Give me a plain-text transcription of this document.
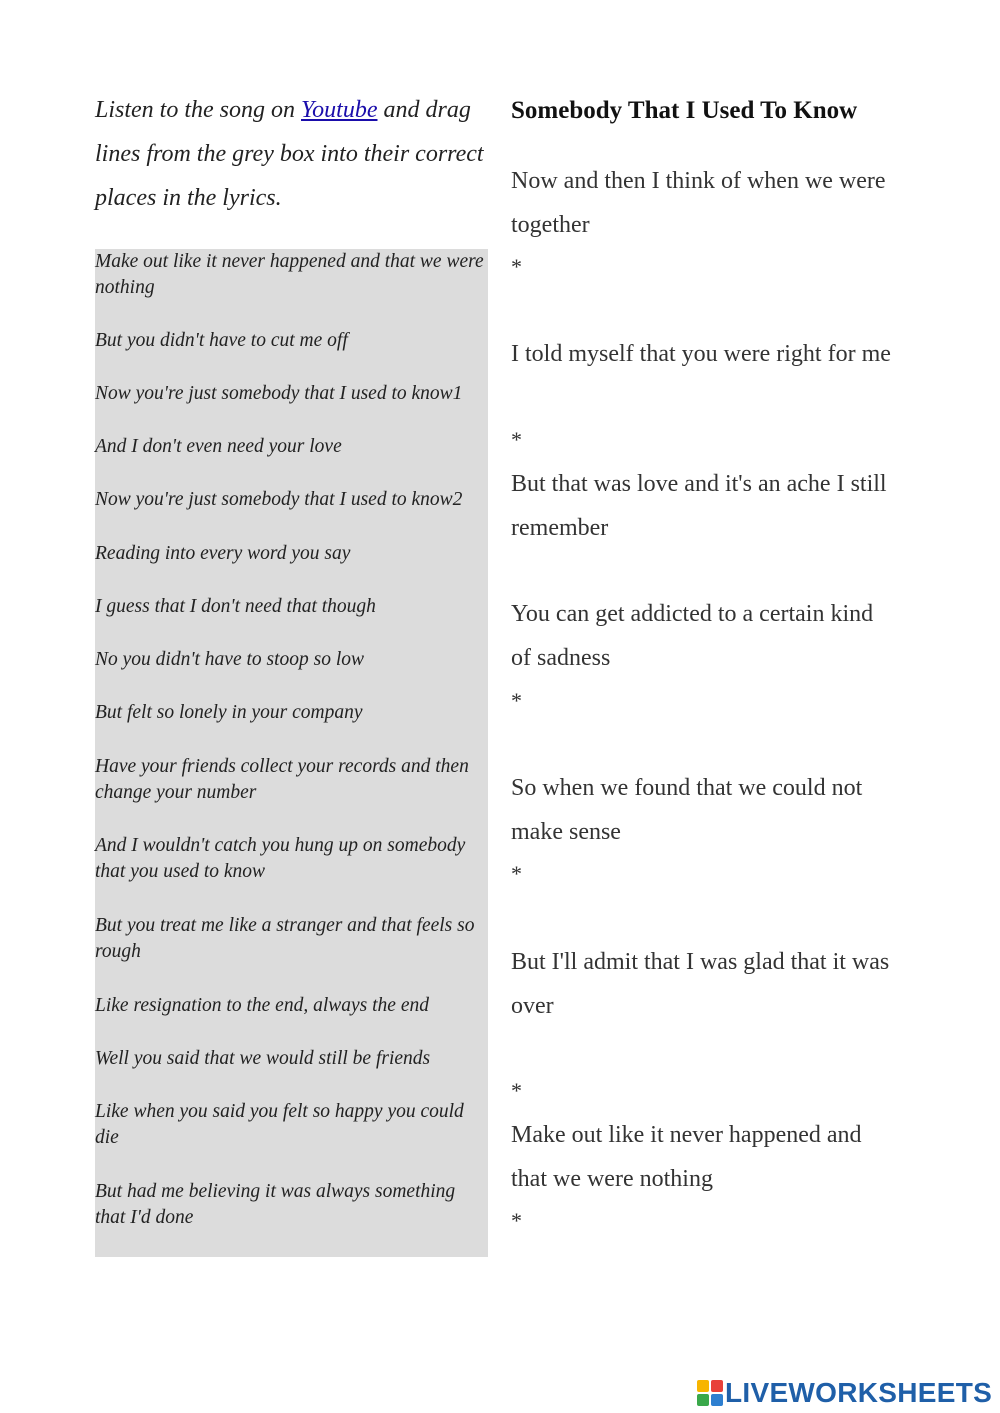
Listen to the song on Youtube and drag lines from the grey box into their correct places in the lyrics.
Make out like it never happened and that we were nothing
But you didn't have to cut me off
Now you're just somebody that I used to know1
And I don't even need your love
Now you're just somebody that I used to know2
Reading into every word you say
I guess that I don't need that though
No you didn't have to stoop so low
But felt so lonely in your company
Have your friends collect your records and then change your number
And I wouldn't catch you hung up on somebody that you used to know
But you treat me like a stranger and that feels so rough
Like resignation to the end, always the end
Well you said that we would still be friends
Like when you said you felt so happy you could die
But had me believing it was always something that I'd done
Somebody That I Used To Know
Now and then I think of when we were together
*
I told myself that you were right for me
*
But that was love and it's an ache I still remember
You can get addicted to a certain kind of sadness
*
So when we found that we could not make sense
*
But I'll admit that I was glad that it was over
*
Make out like it never happened and that we were nothing
*
LIVEWORKSHEETS
